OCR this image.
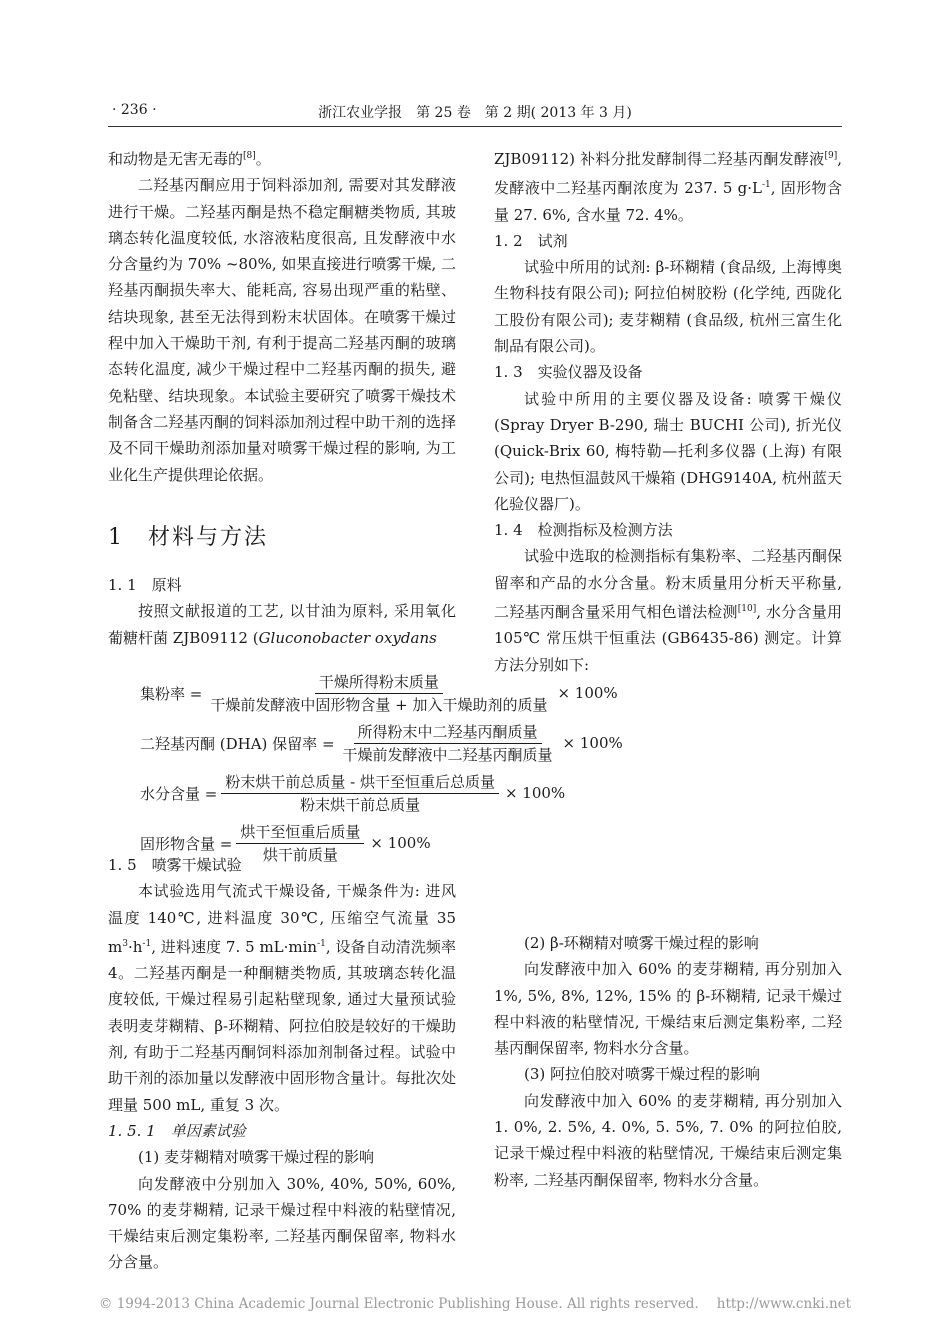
· 236 ·	浙江农业学报　第 25 卷　第 2 期( 2013 年 3 月)

和动物是无害无毒的[8]。

二羟基丙酮应用于饲料添加剂, 需要对其发酵液进行干燥。二羟基丙酮是热不稳定酮糖类物质, 其玻璃态转化温度较低, 水溶液粘度很高, 且发酵液中水分含量约为 70% ~80%, 如果直接进行喷雾干燥, 二羟基丙酮损失率大、能耗高, 容易出现严重的粘壁、结块现象, 甚至无法得到粉末状固体。在喷雾干燥过程中加入干燥助干剂, 有利于提高二羟基丙酮的玻璃态转化温度, 减少干燥过程中二羟基丙酮的损失, 避免粘壁、结块现象。本试验主要研究了喷雾干燥技术制备含二羟基丙酮的饲料添加剂过程中助干剂的选择及不同干燥助剂添加量对喷雾干燥过程的影响, 为工业化生产提供理论依据。

1　材料与方法

1. 1　原料

按照文献报道的工艺, 以甘油为原料, 采用氧化葡糖杆菌 ZJB09112 (Gluconobacter oxydans

ZJB09112) 补料分批发酵制得二羟基丙酮发酵液[9], 发酵液中二羟基丙酮浓度为 237. 5 $g\cdot L^{-1}$, 固形物含量 27. 6%, 含水量 72. 4%。

1. 2　试剂

试验中所用的试剂: β-环糊精 (食品级, 上海博奥生物科技有限公司); 阿拉伯树胶粉 (化学纯, 西陇化工股份有限公司); 麦芽糊精 (食品级, 杭州三富生化制品有限公司)。

1. 3　实验仪器及设备

试验中所用的主要仪器及设备: 喷雾干燥仪 (Spray Dryer B-290, 瑞士 BUCHI 公司), 折光仪 (Quick-Brix 60, 梅特勒—托利多仪器 (上海) 有限公司); 电热恒温鼓风干燥箱 (DHG9140A, 杭州蓝天化验仪器厂)。

1. 4　检测指标及检测方法

试验中选取的检测指标有集粉率、二羟基丙酮保留率和产品的水分含量。粉末质量用分析天平称量, 二羟基丙酮含量采用气相色谱法检测[10], 水分含量用 105℃ 常压烘干恒重法 (GB6435-86) 测定。计算方法分别如下:

集粉率 = $\frac{\text{干燥所得粉末质量}}{\text{干燥前发酵液中固形物含量 + 加入干燥助剂的质量}} \times 100\%$
二羟基丙酮 (DHA) 保留率 = $\frac{\text{所得粉末中二羟基丙酮质量}}{\text{干燥前发酵液中二羟基丙酮质量}} \times 100\%$
水分含量 = $\frac{\text{粉末烘干前总质量 - 烘干至恒重后总质量}}{\text{粉末烘干前总质量}} \times 100\%$
固形物含量 = $\frac{\text{烘干至恒重后质量}}{\text{烘干前质量}} \times 100\%$

1. 5　喷雾干燥试验

本试验选用气流式干燥设备, 干燥条件为: 进风温度 140℃, 进料温度 30℃, 压缩空气流量 35 $m^3\cdot h^{-1}$, 进料速度 7. 5 $mL\cdot\min^{-1}$, 设备自动清洗频率 4。二羟基丙酮是一种酮糖类物质, 其玻璃态转化温度较低, 干燥过程易引起粘壁现象, 通过大量预试验表明麦芽糊精、β-环糊精、阿拉伯胶是较好的干燥助剂, 有助于二羟基丙酮饲料添加剂制备过程。试验中助干剂的添加量以发酵液中固形物含量计。每批次处理量 500 mL, 重复 3 次。

1. 5. 1　单因素试验

(1) 麦芽糊精对喷雾干燥过程的影响

向发酵液中分别加入 30%, 40%, 50%, 60%, 70% 的麦芽糊精, 记录干燥过程中料液的粘壁情况, 干燥结束后测定集粉率, 二羟基丙酮保留率, 物料水分含量。

(2) β-环糊精对喷雾干燥过程的影响

向发酵液中加入 60% 的麦芽糊精, 再分别加入 1%, 5%, 8%, 12%, 15% 的 β-环糊精, 记录干燥过程中料液的粘壁情况, 干燥结束后测定集粉率, 二羟基丙酮保留率, 物料水分含量。

(3) 阿拉伯胶对喷雾干燥过程的影响

向发酵液中加入 60% 的麦芽糊精, 再分别加入 1. 0%, 2. 5%, 4. 0%, 5. 5%, 7. 0% 的阿拉伯胶, 记录干燥过程中料液的粘壁情况, 干燥结束后测定集粉率, 二羟基丙酮保留率, 物料水分含量。

© 1994-2013 China Academic Journal Electronic Publishing House. All rights reserved. http://www.cnki.net
